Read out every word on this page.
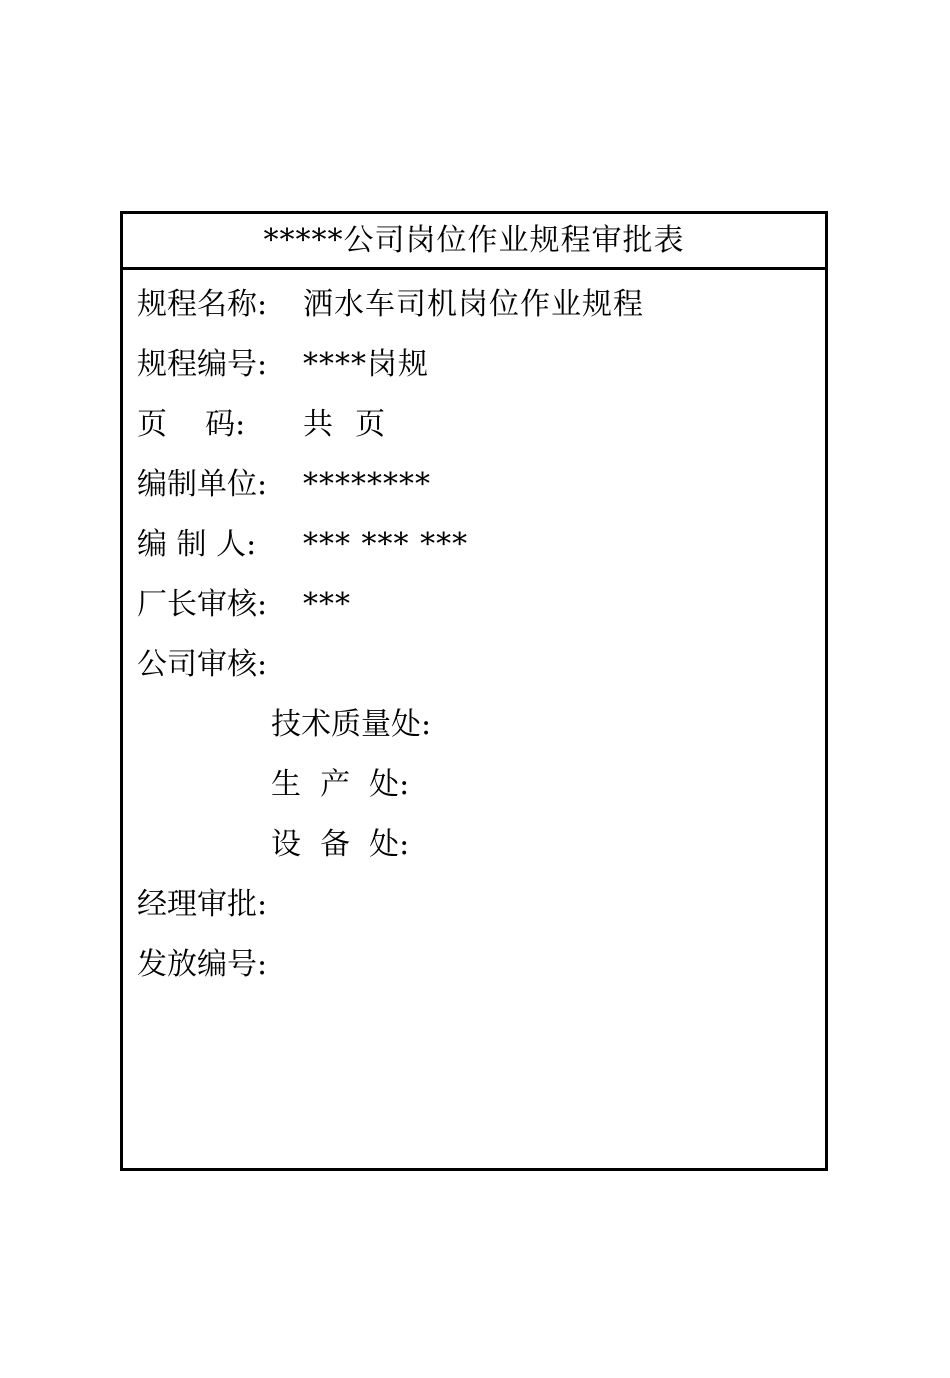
*****公司岗位作业规程审批表
规程名称: 洒水车司机岗位作业规程
规程编号: ****岗规
页    码: 共  页
编制单位: ********
编 制 人: *** *** ***
厂长审核: ***
公司审核:
技术质量处:
生  产  处:
设  备  处:
经理审批:
发放编号:
